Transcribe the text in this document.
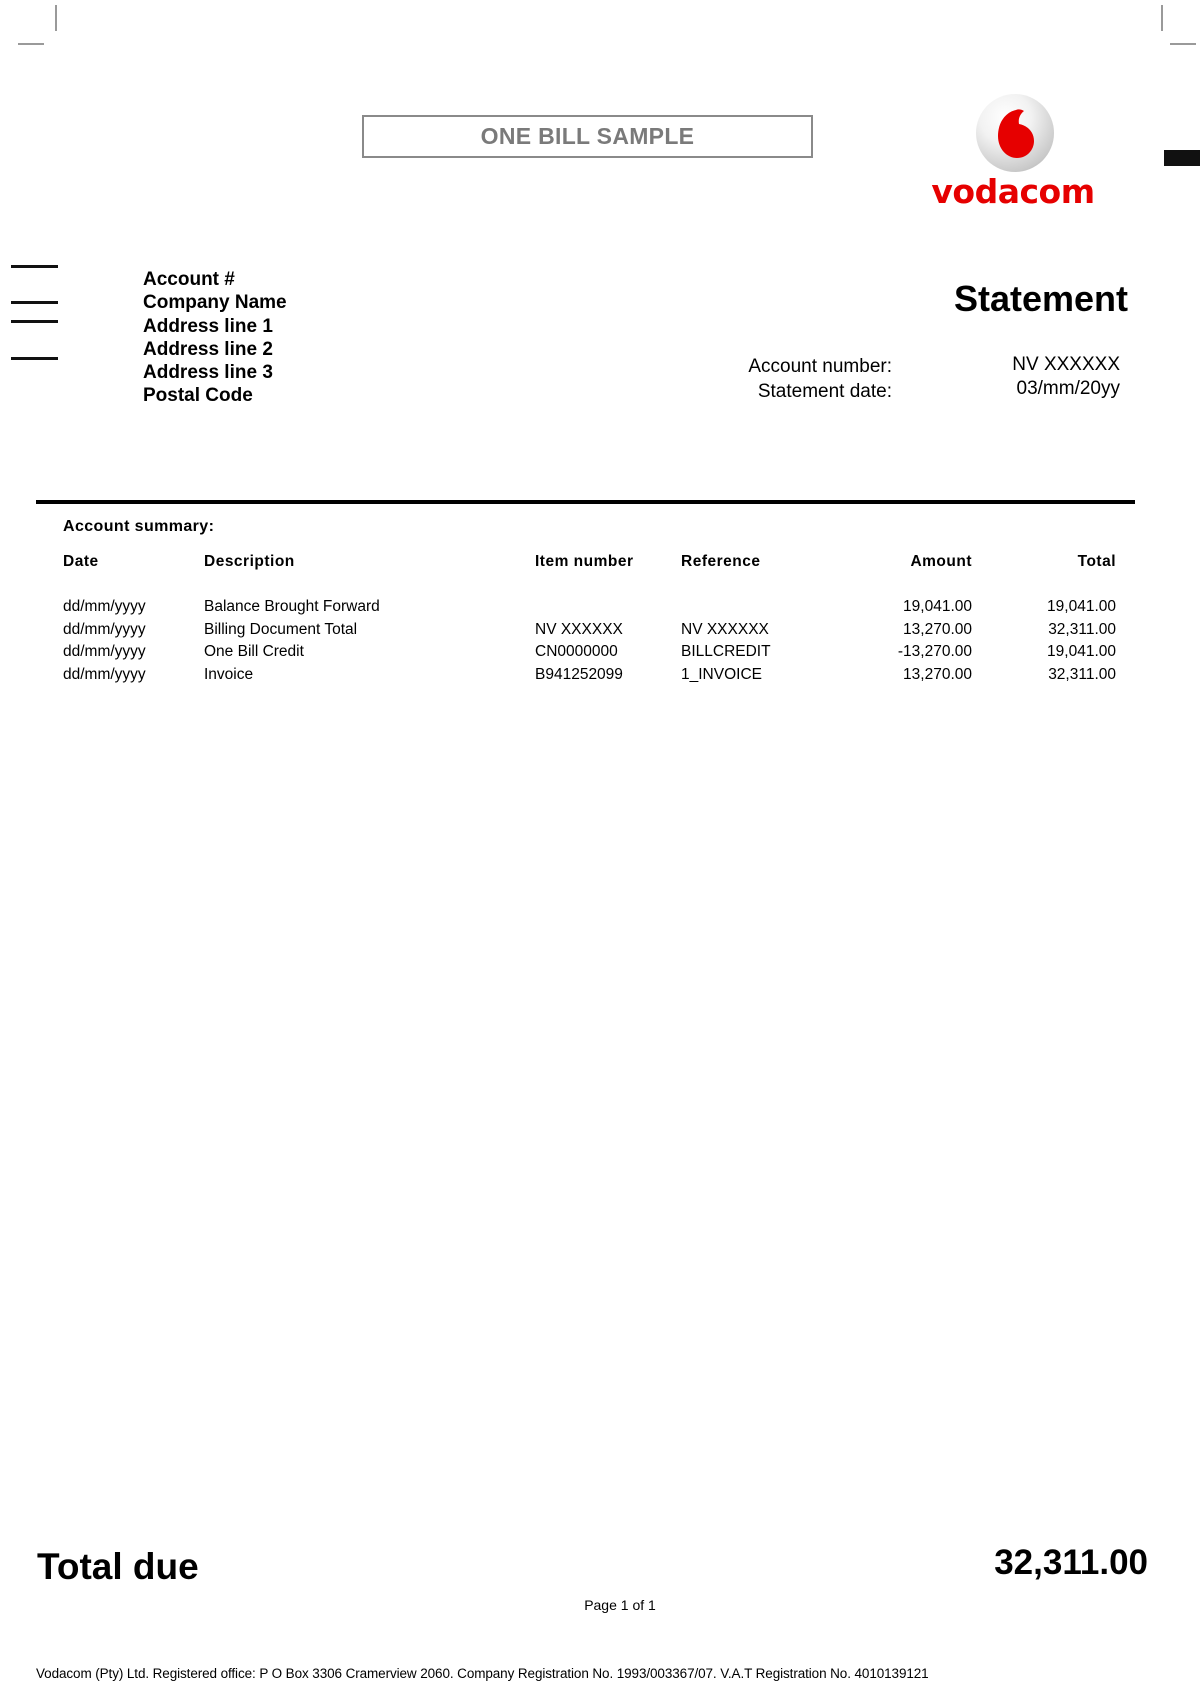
ONE BILL SAMPLE
vodacom
Account #
Company Name
Address line 1
Address line 2
Address line 3
Postal Code
Statement
Account number:	NV XXXXXX
Statement date:	03/mm/20yy
Account summary:
Date	Description	Item number	Reference	Amount	Total
dd/mm/yyyy	Balance Brought Forward			19,041.00	19,041.00
dd/mm/yyyy	Billing Document Total	NV XXXXXX	NV XXXXXX	13,270.00	32,311.00
dd/mm/yyyy	One Bill Credit	CN0000000	BILLCREDIT	-13,270.00	19,041.00
dd/mm/yyyy	Invoice	B941252099	1_INVOICE	13,270.00	32,311.00
Total due	32,311.00
Page 1 of 1
Vodacom (Pty) Ltd. Registered office: P O Box 3306 Cramerview 2060. Company Registration No. 1993/003367/07. V.A.T Registration No. 4010139121
